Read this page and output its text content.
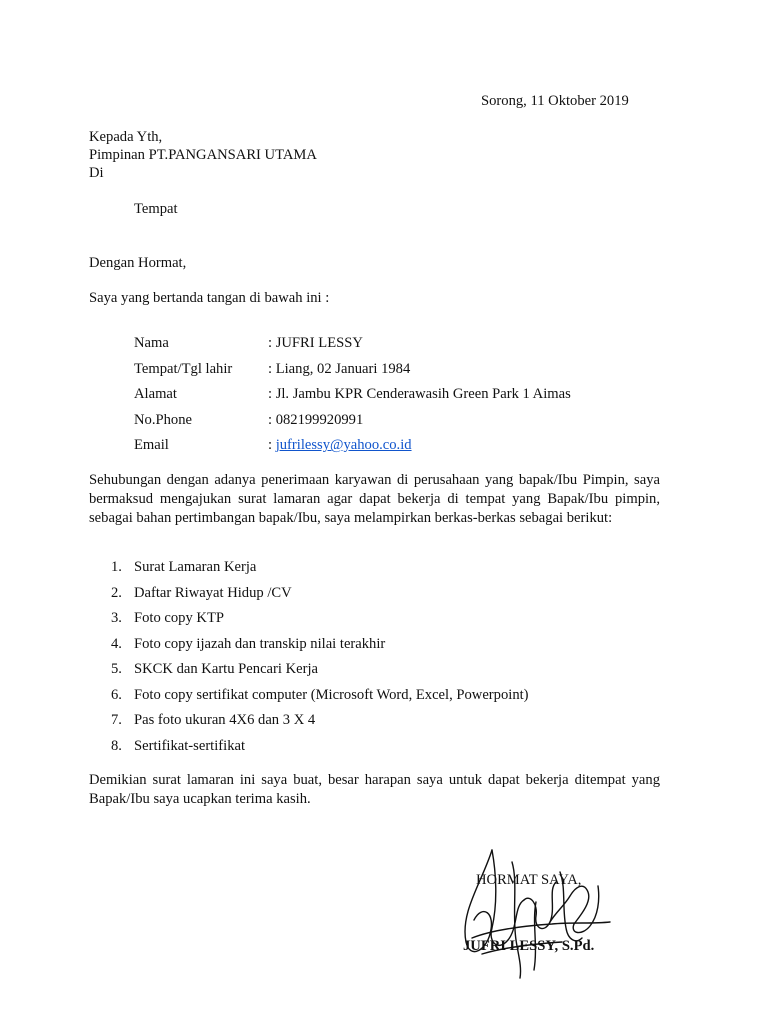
Sorong, 11 Oktober 2019
Kepada Yth,
Pimpinan PT.PANGANSARI UTAMA
Di
Tempat
Dengan Hormat,
Saya yang bertanda tangan di bawah ini :
Nama	: JUFRI LESSY
Tempat/Tgl lahir	: Liang, 02 Januari 1984
Alamat	: Jl. Jambu KPR Cenderawasih Green Park 1 Aimas
No.Phone	: 082199920991
Email	: jufrilessy@yahoo.co.id
Sehubungan dengan adanya penerimaan karyawan di perusahaan yang bapak/Ibu Pimpin, saya bermaksud mengajukan surat lamaran agar dapat bekerja di tempat yang Bapak/Ibu pimpin, sebagai bahan pertimbangan bapak/Ibu, saya melampirkan berkas-berkas sebagai berikut:
1. Surat Lamaran Kerja
2. Daftar Riwayat Hidup /CV
3. Foto copy KTP
4. Foto copy ijazah dan transkip nilai terakhir
5. SKCK dan Kartu Pencari Kerja
6. Foto copy sertifikat computer (Microsoft Word, Excel, Powerpoint)
7. Pas foto ukuran 4X6 dan 3 X 4
8. Sertifikat-sertifikat
Demikian surat lamaran ini saya buat, besar harapan saya untuk dapat bekerja ditempat yang Bapak/Ibu saya ucapkan terima kasih.
HORMAT SAYA,
JUFRI LESSY, S.Pd.
